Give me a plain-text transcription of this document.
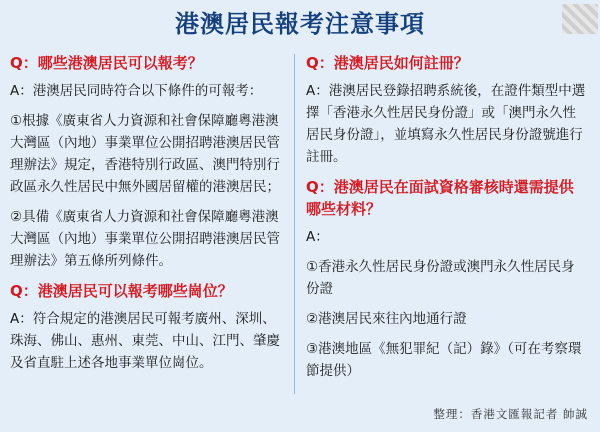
港澳居民報考注意事項

Q：哪些港澳居民可以報考？

A：港澳居民同時符合以下條件的可報考：

①根據《廣東省人力資源和社會保障廳粵港澳大灣區（內地）事業單位公開招聘港澳居民管理辦法》規定，香港特別行政區、澳門特別行政區永久性居民中無外國居留權的港澳居民；

②具備《廣東省人力資源和社會保障廳粵港澳大灣區（內地）事業單位公開招聘港澳居民管理辦法》第五條所列條件。

Q：港澳居民可以報考哪些崗位？

A：符合規定的港澳居民可報考廣州、深圳、珠海、佛山、惠州、東莞、中山、江門、肇慶及省直駐上述各地事業單位崗位。

Q：港澳居民如何註冊？

A：港澳居民登錄招聘系統後，在證件類型中選擇「香港永久性居民身份證」或「澳門永久性居民身份證」，並填寫永久性居民身份證號進行註冊。

Q：港澳居民在面試資格審核時還需提供哪些材料？

A：

①香港永久性居民身份證或澳門永久性居民身份證

②港澳居民來往內地通行證

③港澳地區《無犯罪紀（記）錄》（可在考察環節提供）

整理：香港文匯報記者 帥誠
